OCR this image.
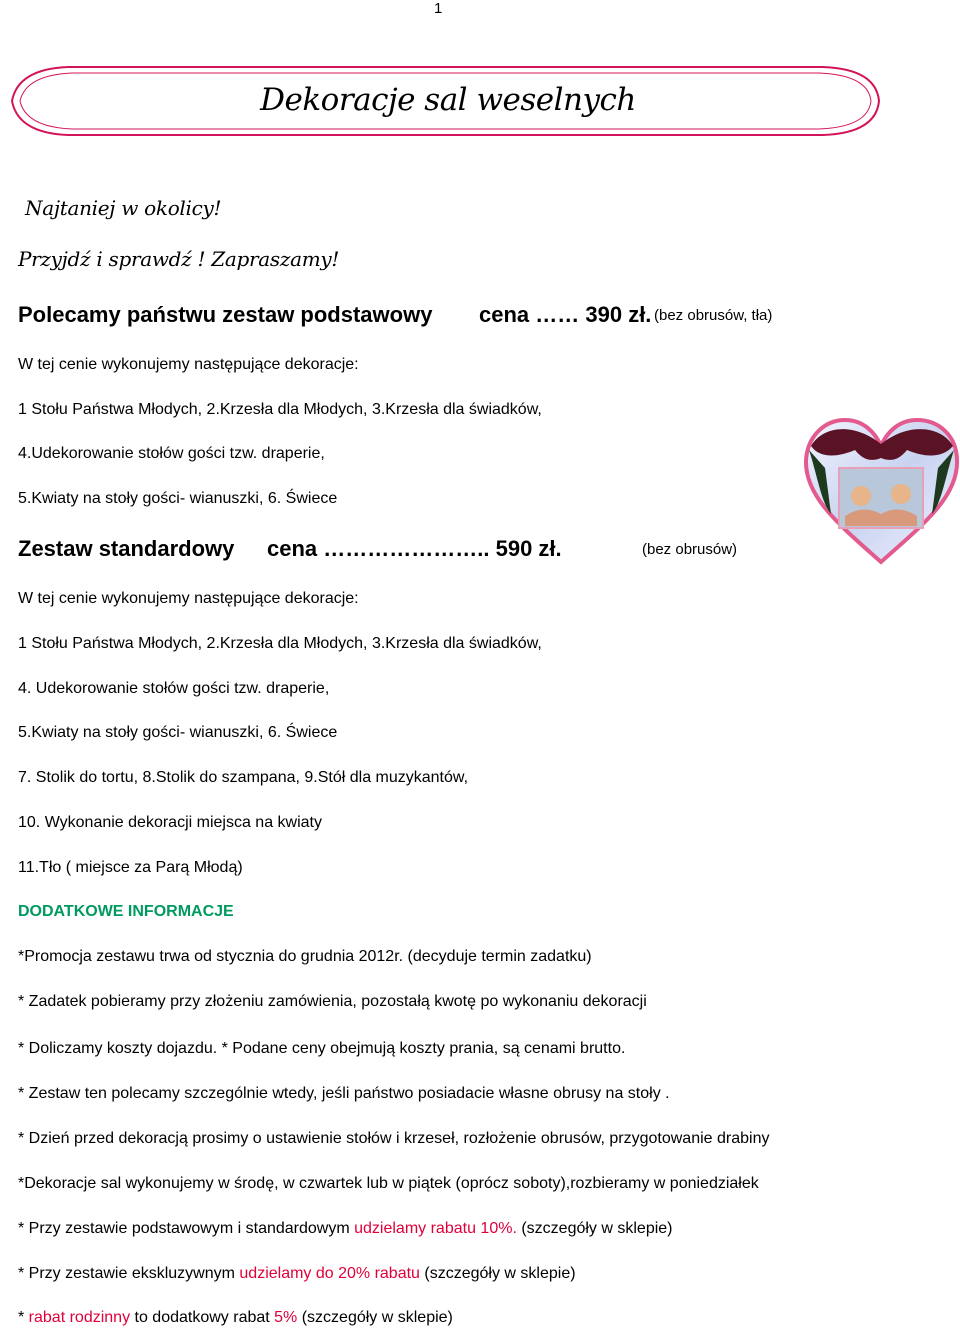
1
Dekoracje sal weselnych
Najtaniej w okolicy!
Przyjdź i sprawdź ! Zapraszamy!
Polecamy państwu zestaw podstawowy cena …… 390 zł. (bez obrusów, tła)
W tej cenie wykonujemy następujące dekoracje:
1 Stołu Państwa Młodych, 2.Krzesła dla Młodych, 3.Krzesła dla świadków,
4.Udekorowanie stołów gości tzw. draperie,
5.Kwiaty na stoły gości- wianuszki, 6. Świece
Zestaw standardowy cena ………………….. 590 zł.	(bez obrusów)
W tej cenie wykonujemy następujące dekoracje:
1 Stołu Państwa Młodych, 2.Krzesła dla Młodych, 3.Krzesła dla świadków,
4. Udekorowanie stołów gości tzw. draperie,
5.Kwiaty na stoły gości- wianuszki, 6. Świece
7. Stolik do tortu, 8.Stolik do szampana, 9.Stół dla muzykantów,
10. Wykonanie dekoracji miejsca na kwiaty
11.Tło ( miejsce za Parą Młodą)
DODATKOWE INFORMACJE
*Promocja zestawu trwa od stycznia do grudnia 2012r. (decyduje termin zadatku)
* Zadatek pobieramy przy złożeniu zamówienia, pozostałą kwotę po wykonaniu dekoracji
* Doliczamy koszty dojazdu. * Podane ceny obejmują koszty prania, są cenami brutto.
* Zestaw ten polecamy szczególnie wtedy, jeśli państwo posiadacie własne obrusy na stoły .
* Dzień przed dekoracją prosimy o ustawienie stołów i krzeseł, rozłożenie obrusów, przygotowanie drabiny
*Dekoracje sal wykonujemy w środę, w czwartek lub w piątek (oprócz soboty),rozbieramy w poniedziałek
* Przy zestawie podstawowym i standardowym udzielamy rabatu 10%. (szczegóły w sklepie)
* Przy zestawie ekskluzywnym udzielamy do 20% rabatu (szczegóły w sklepie)
* rabat rodzinny to dodatkowy rabat 5% (szczegóły w sklepie)
